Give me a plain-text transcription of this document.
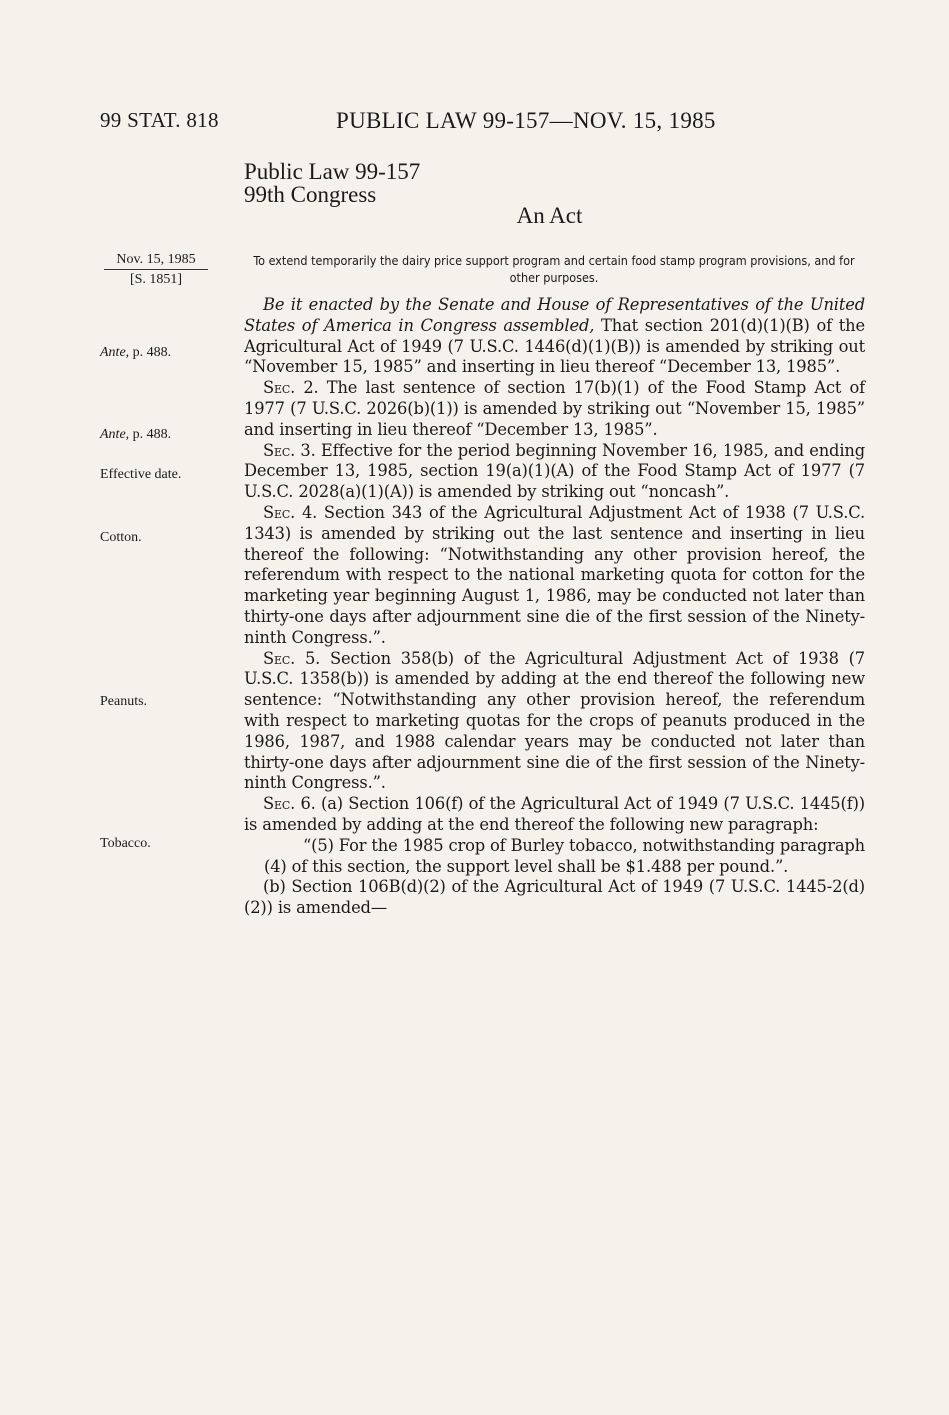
99 STAT. 818	PUBLIC LAW 99-157—NOV. 15, 1985
Public Law 99-157
99th Congress
An Act
Nov. 15, 1985
[S. 1851]
To extend temporarily the dairy price support program and certain food stamp program provisions, and for other purposes.
Ante, p. 488.
Ante, p. 488.
Effective date.
Cotton.
Peanuts.
Tobacco.

Be it enacted by the Senate and House of Representatives of the United States of America in Congress assembled, That section 201(d)(1)(B) of the Agricultural Act of 1949 (7 U.S.C. 1446(d)(1)(B)) is amended by striking out “November 15, 1985” and inserting in lieu thereof “December 13, 1985”.

Sec. 2. The last sentence of section 17(b)(1) of the Food Stamp Act of 1977 (7 U.S.C. 2026(b)(1)) is amended by striking out “November 15, 1985” and inserting in lieu thereof “December 13, 1985”.

Sec. 3. Effective for the period beginning November 16, 1985, and ending December 13, 1985, section 19(a)(1)(A) of the Food Stamp Act of 1977 (7 U.S.C. 2028(a)(1)(A)) is amended by striking out “noncash”.

Sec. 4. Section 343 of the Agricultural Adjustment Act of 1938 (7 U.S.C. 1343) is amended by striking out the last sentence and inserting in lieu thereof the following: “Notwithstanding any other provision hereof, the referendum with respect to the national marketing quota for cotton for the marketing year beginning August 1, 1986, may be conducted not later than thirty-one days after adjournment sine die of the first session of the Ninety-ninth Congress.”.

Sec. 5. Section 358(b) of the Agricultural Adjustment Act of 1938 (7 U.S.C. 1358(b)) is amended by adding at the end thereof the following new sentence: “Notwithstanding any other provision hereof, the referendum with respect to marketing quotas for the crops of peanuts produced in the 1986, 1987, and 1988 calendar years may be conducted not later than thirty-one days after adjournment sine die of the first session of the Ninety-ninth Congress.”.

Sec. 6. (a) Section 106(f) of the Agricultural Act of 1949 (7 U.S.C. 1445(f)) is amended by adding at the end thereof the following new paragraph:

“(5) For the 1985 crop of Burley tobacco, notwithstanding paragraph (4) of this section, the support level shall be $1.488 per pound.”.

(b) Section 106B(d)(2) of the Agricultural Act of 1949 (7 U.S.C. 1445-2(d)(2)) is amended—
